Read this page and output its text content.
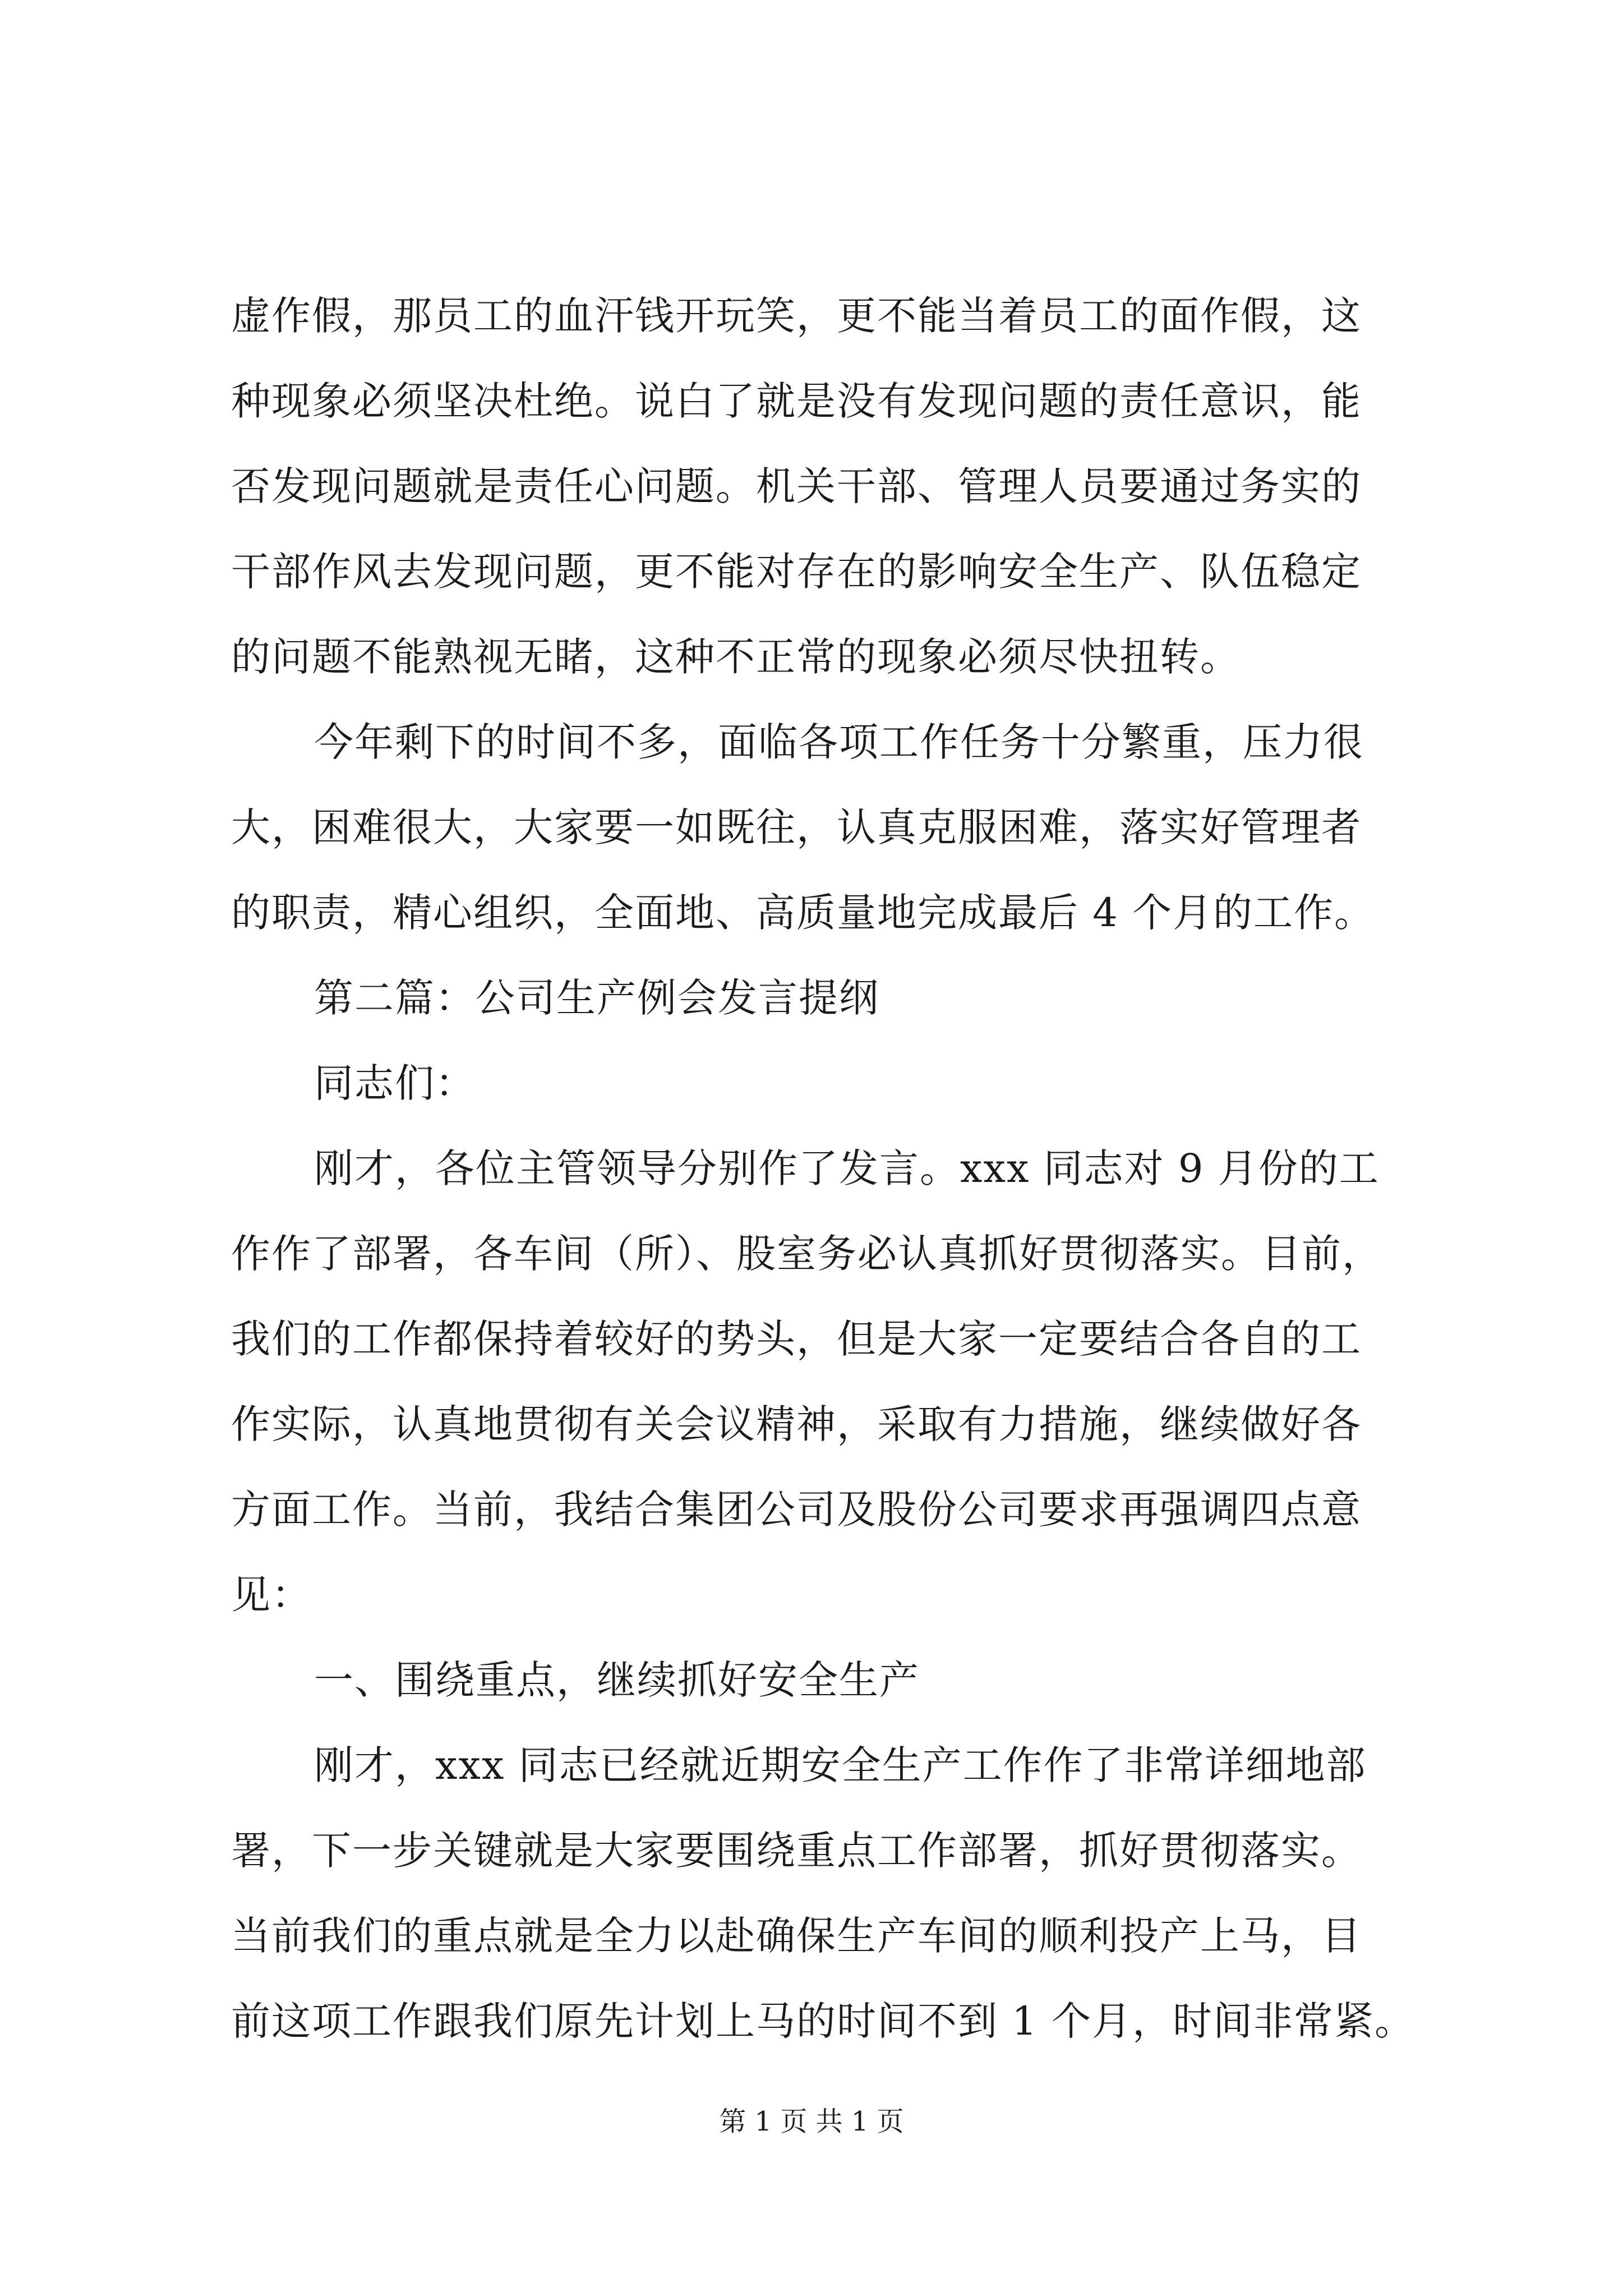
虚作假，那员工的血汗钱开玩笑，更不能当着员工的面作假，这

种现象必须坚决杜绝。说白了就是没有发现问题的责任意识，能

否发现问题就是责任心问题。机关干部、管理人员要通过务实的

干部作风去发现问题，更不能对存在的影响安全生产、队伍稳定

的问题不能熟视无睹，这种不正常的现象必须尽快扭转。

今年剩下的时间不多，面临各项工作任务十分繁重，压力很

大，困难很大，大家要一如既往，认真克服困难，落实好管理者

的职责，精心组织，全面地、高质量地完成最后 4 个月的工作。

第二篇：公司生产例会发言提纲

同志们：

刚才，各位主管领导分别作了发言。xxx 同志对 9 月份的工

作作了部署，各车间（所）、股室务必认真抓好贯彻落实。目前，

我们的工作都保持着较好的势头，但是大家一定要结合各自的工

作实际，认真地贯彻有关会议精神，采取有力措施，继续做好各

方面工作。当前，我结合集团公司及股份公司要求再强调四点意

见：

一、围绕重点，继续抓好安全生产

刚才，xxx 同志已经就近期安全生产工作作了非常详细地部

署，下一步关键就是大家要围绕重点工作部署，抓好贯彻落实。

当前我们的重点就是全力以赴确保生产车间的顺利投产上马，目

前这项工作跟我们原先计划上马的时间不到 1 个月，时间非常紧。

第 1 页 共 1 页
